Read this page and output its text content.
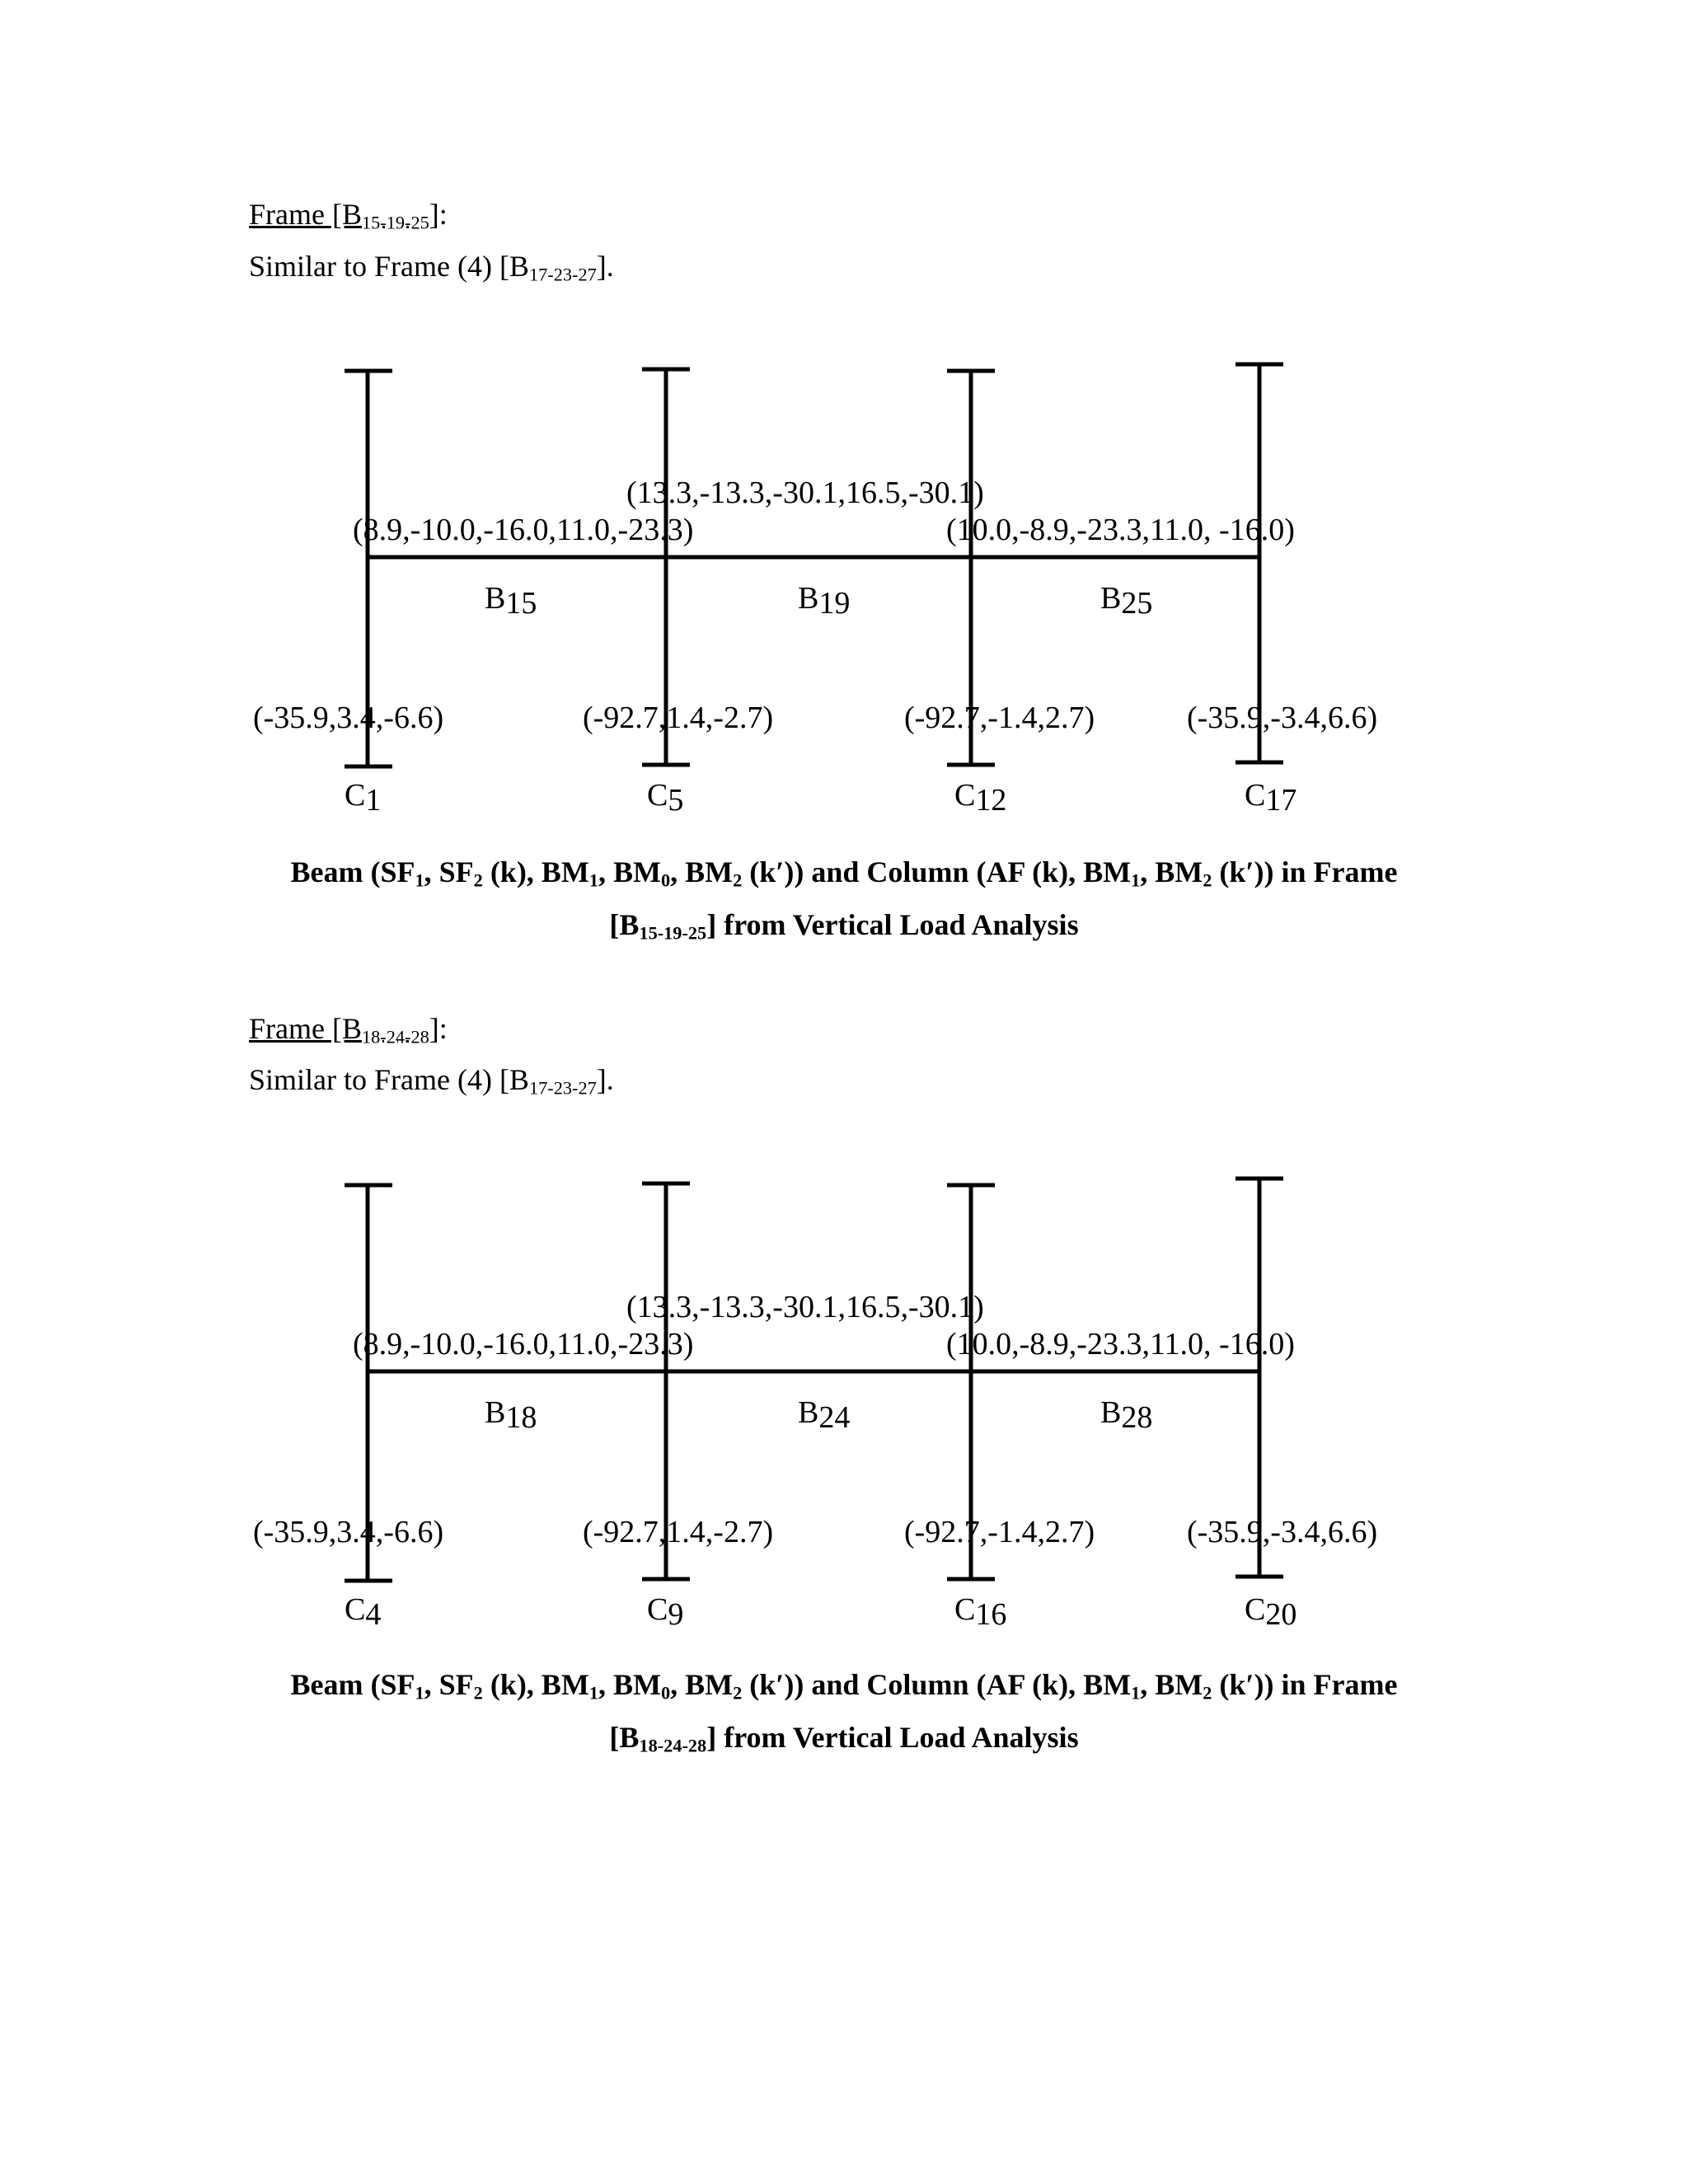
Frame $[B_{15-19-25}]$:

Similar to Frame (4) $[B_{17-23-27}]$.

(8.9,-10.0,-16.0,11.0,-23.3)
(13.3,-13.3,-30.1,16.5,-30.1)
(10.0,-8.9,-23.3,11.0, -16.0)
B15	B19	B25
(-35.9,3.4,-6.6)	(-92.7,1.4,-2.7)	(-92.7,-1.4,2.7)	(-35.9,-3.4,6.6)
C1	C5	C12	C17

Beam ($SF_1$, $SF_2$ (k), $BM_1$, $BM_0$, $BM_2$ (k′)) and Column (AF (k), $BM_1$, $BM_2$ (k′)) in Frame

$[B_{15-19-25}]$ from Vertical Load Analysis

Frame $[B_{18-24-28}]$:

Similar to Frame (4) $[B_{17-23-27}]$.

(8.9,-10.0,-16.0,11.0,-23.3)
(13.3,-13.3,-30.1,16.5,-30.1)
(10.0,-8.9,-23.3,11.0, -16.0)
B18	B24	B28
(-35.9,3.4,-6.6)	(-92.7,1.4,-2.7)	(-92.7,-1.4,2.7)	(-35.9,-3.4,6.6)
C4	C9	C16	C20

Beam ($SF_1$, $SF_2$ (k), $BM_1$, $BM_0$, $BM_2$ (k′)) and Column (AF (k), $BM_1$, $BM_2$ (k′)) in Frame

$[B_{18-24-28}]$ from Vertical Load Analysis
